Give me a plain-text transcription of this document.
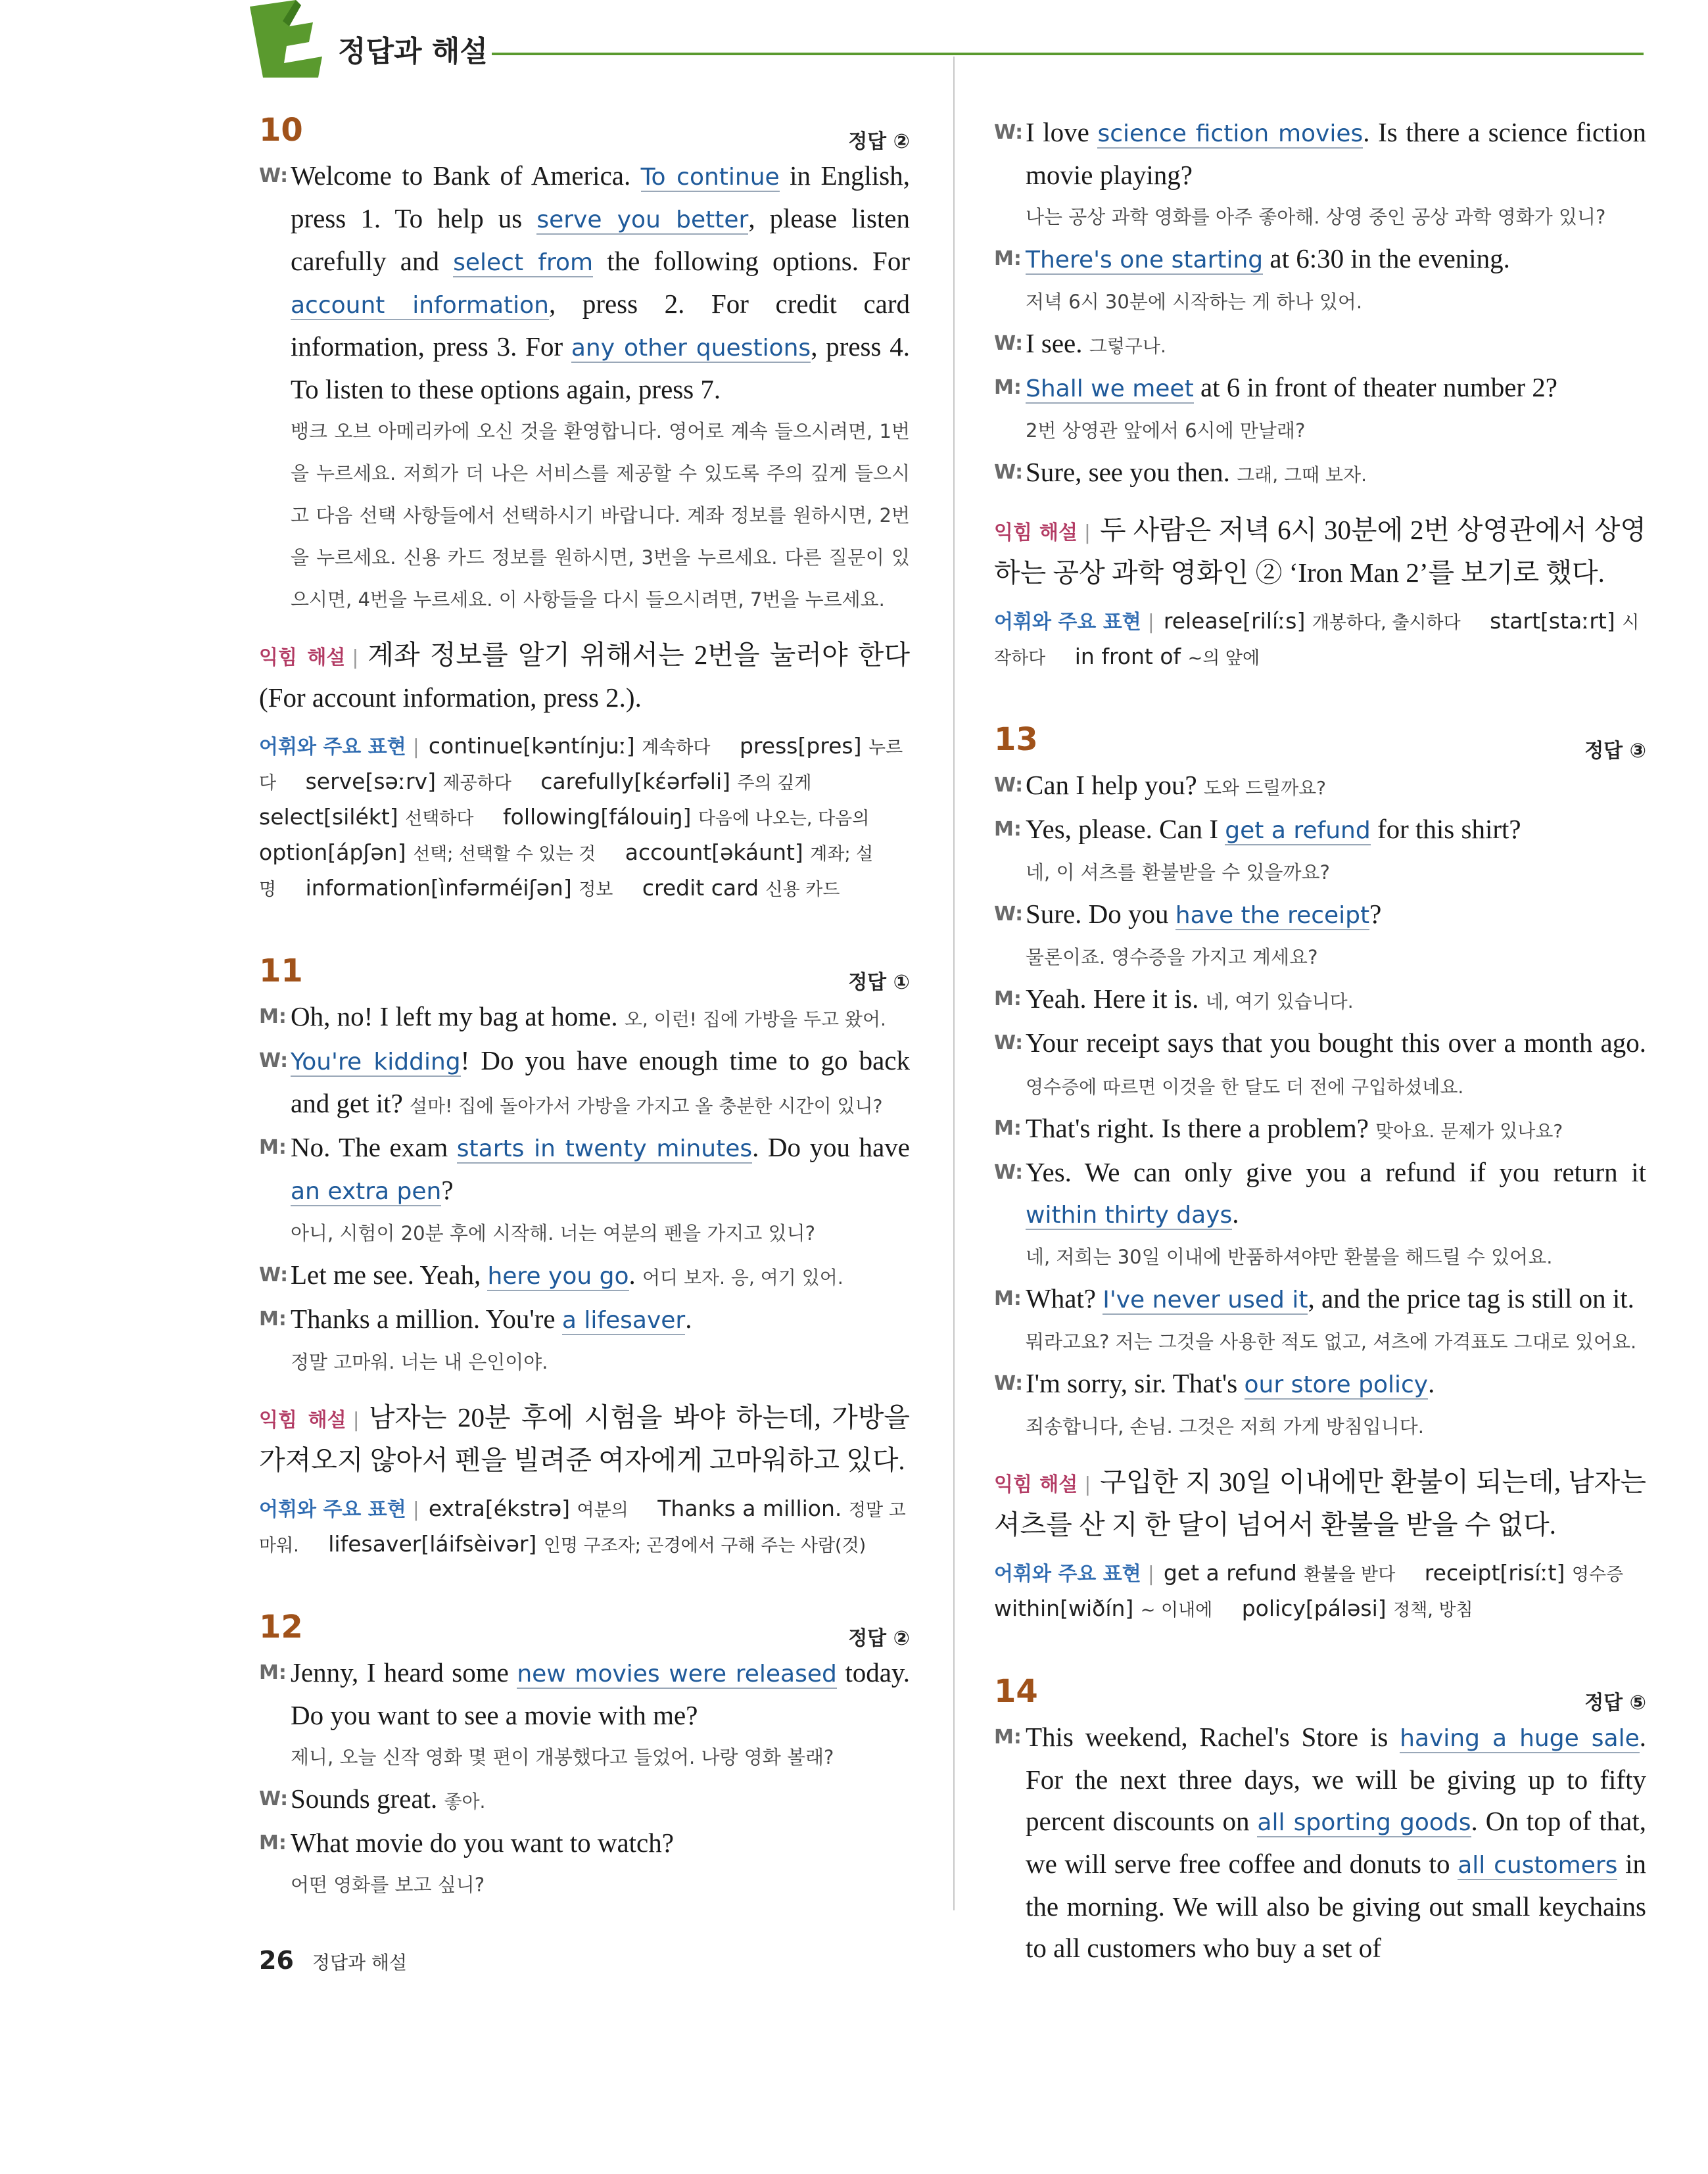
정답과 해설
10	정답 ②
W: Welcome to Bank of America. To continue in English, press 1. To help us serve you better, please listen carefully and select from the following options. For account information, press 2. For credit card information, press 3. For any other questions, press 4. To listen to these options again, press 7.
뱅크 오브 아메리카에 오신 것을 환영합니다. 영어로 계속 들으시려면, 1번을 누르세요. 저희가 더 나은 서비스를 제공할 수 있도록 주의 깊게 들으시고 다음 선택 사항들에서 선택하시기 바랍니다. 계좌 정보를 원하시면, 2번을 누르세요. 신용 카드 정보를 원하시면, 3번을 누르세요. 다른 질문이 있으시면, 4번을 누르세요. 이 사항들을 다시 들으시려면, 7번을 누르세요.
익힘 해설 | 계좌 정보를 알기 위해서는 2번을 눌러야 한다(For account information, press 2.).
어휘와 주요 표현 | continue[kəntínjuː] 계속하다 press[pres] 누르다 serve[səːrv] 제공하다 carefully[kέərfəli] 주의 깊게 select[silékt] 선택하다 following[fálouiŋ] 다음에 나오는, 다음의 option[ápʃən] 선택; 선택할 수 있는 것 account[əkáunt] 계좌; 설명 information[ìnfərméiʃən] 정보 credit card 신용 카드
11	정답 ①
M: Oh, no! I left my bag at home. 오, 이런! 집에 가방을 두고 왔어.
W: You're kidding! Do you have enough time to go back and get it? 설마! 집에 돌아가서 가방을 가지고 올 충분한 시간이 있니?
M: No. The exam starts in twenty minutes. Do you have an extra pen?
아니, 시험이 20분 후에 시작해. 너는 여분의 펜을 가지고 있니?
W: Let me see. Yeah, here you go. 어디 보자. 응, 여기 있어.
M: Thanks a million. You're a lifesaver.
정말 고마워. 너는 내 은인이야.
익힘 해설 | 남자는 20분 후에 시험을 봐야 하는데, 가방을 가져오지 않아서 펜을 빌려준 여자에게 고마워하고 있다.
어휘와 주요 표현 | extra[ékstrə] 여분의 Thanks a million. 정말 고마워. lifesaver[láifsèivər] 인명 구조자; 곤경에서 구해 주는 사람(것)
12	정답 ②
M: Jenny, I heard some new movies were released today. Do you want to see a movie with me?
제니, 오늘 신작 영화 몇 편이 개봉했다고 들었어. 나랑 영화 볼래?
W: Sounds great. 좋아.
M: What movie do you want to watch?
어떤 영화를 보고 싶니?
W: I love science fiction movies. Is there a science fiction movie playing?
나는 공상 과학 영화를 아주 좋아해. 상영 중인 공상 과학 영화가 있니?
M: There's one starting at 6:30 in the evening.
저녁 6시 30분에 시작하는 게 하나 있어.
W: I see. 그렇구나.
M: Shall we meet at 6 in front of theater number 2?
2번 상영관 앞에서 6시에 만날래?
W: Sure, see you then. 그래, 그때 보자.
익힘 해설 | 두 사람은 저녁 6시 30분에 2번 상영관에서 상영하는 공상 과학 영화인 ② ‘Iron Man 2’를 보기로 했다.
어휘와 주요 표현 | release[rilíːs] 개봉하다, 출시하다 start[staːrt] 시작하다 in front of ~의 앞에
13	정답 ③
W: Can I help you? 도와 드릴까요?
M: Yes, please. Can I get a refund for this shirt?
네, 이 셔츠를 환불받을 수 있을까요?
W: Sure. Do you have the receipt?
물론이죠. 영수증을 가지고 계세요?
M: Yeah. Here it is. 네, 여기 있습니다.
W: Your receipt says that you bought this over a month ago. 영수증에 따르면 이것을 한 달도 더 전에 구입하셨네요.
M: That's right. Is there a problem? 맞아요. 문제가 있나요?
W: Yes. We can only give you a refund if you return it within thirty days.
네, 저희는 30일 이내에 반품하셔야만 환불을 해드릴 수 있어요.
M: What? I've never used it, and the price tag is still on it.
뭐라고요? 저는 그것을 사용한 적도 없고, 셔츠에 가격표도 그대로 있어요.
W: I'm sorry, sir. That's our store policy.
죄송합니다, 손님. 그것은 저희 가게 방침입니다.
익힘 해설 | 구입한 지 30일 이내에만 환불이 되는데, 남자는 셔츠를 산 지 한 달이 넘어서 환불을 받을 수 없다.
어휘와 주요 표현 | get a refund 환불을 받다 receipt[risíːt] 영수증 within[wiðín] ~ 이내에 policy[páləsi] 정책, 방침
14	정답 ⑤
M: This weekend, Rachel's Store is having a huge sale. For the next three days, we will be giving up to fifty percent discounts on all sporting goods. On top of that, we will serve free coffee and donuts to all customers in the morning. We will also be giving out small keychains to all customers who buy a set of
26 정답과 해설
